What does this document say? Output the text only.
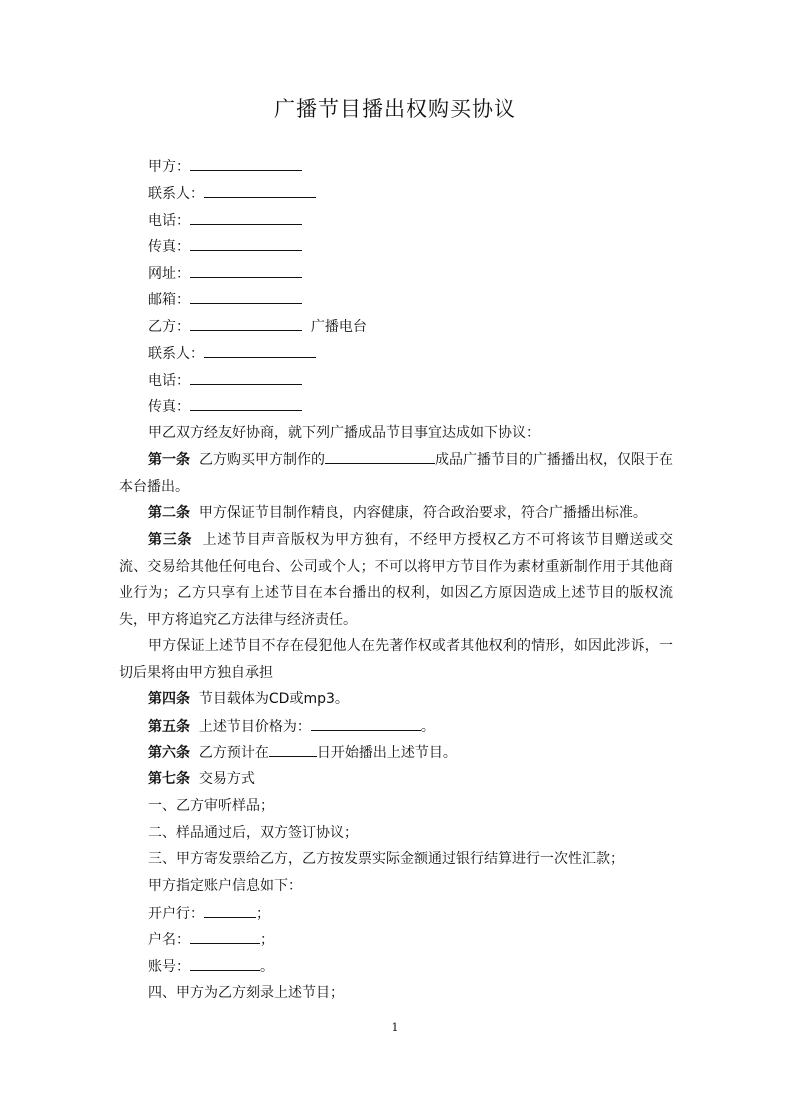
广播节目播出权购买协议
甲方：
联系人：
电话：
传真：
网址：
邮箱：
乙方：	广播电台
联系人：
电话：
传真：
甲乙双方经友好协商，就下列广播成品节目事宜达成如下协议：
第一条 乙方购买甲方制作的	成品广播节目的广播播出权，仅限于在本台播出。
第二条 甲方保证节目制作精良，内容健康，符合政治要求，符合广播播出标准。
第三条 上述节目声音版权为甲方独有，不经甲方授权乙方不可将该节目赠送或交流、交易给其他任何电台、公司或个人；不可以将甲方节目作为素材重新制作用于其他商业行为；乙方只享有上述节目在本台播出的权利，如因乙方原因造成上述节目的版权流失，甲方将追究乙方法律与经济责任。
甲方保证上述节目不存在侵犯他人在先著作权或者其他权利的情形，如因此涉诉，一切后果将由甲方独自承担
第四条 节目载体为CD或mp3。
第五条 上述节目价格为：	。
第六条 乙方预计在	日开始播出上述节目。
第七条 交易方式
一、乙方审听样品；
二、样品通过后，双方签订协议；
三、甲方寄发票给乙方，乙方按发票实际金额通过银行结算进行一次性汇款；
甲方指定账户信息如下：
开户行：	；
户名：	；
账号：	。
四、甲方为乙方刻录上述节目；
1
